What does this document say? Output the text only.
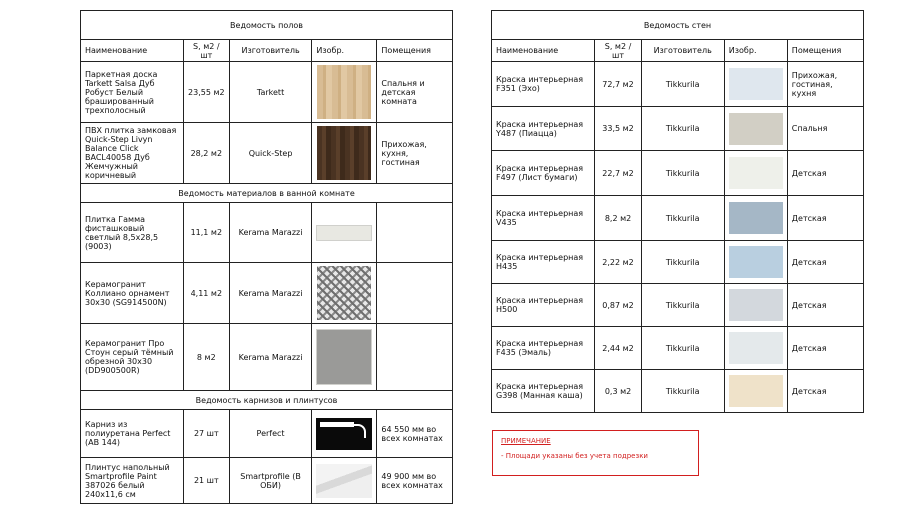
Ведомость полов				
Наименование	S, м2 /шт	Изготовитель	Изобр.	Помещения
Паркетная доска Tarkett Salsa Дуб Робуст Белый брашированный трехполосный	23,55 м2	Tarkett		Спальня и детская комната
ПВХ плитка замковая Quick-Step Livyn Balance Click BACL40058 Дуб Жемчужный коричневый	28,2 м2	Quick-Step		Прихожая, кухня, гостиная
Ведомость материалов в ванной комнате				
Плитка Гамма фисташковый светлый 8,5х28,5 (9003)	11,1 м2	Kerama Marazzi	

Керамогранит Коллиано орнамент 30х30 (SG914500N)	4,11 м2	Kerama Marazzi	

Керамогранит Про Стоун серый тёмный обрезной 30х30 (DD900500R)	8 м2	Kerama Marazzi	

Ведомость карнизов и плинтусов				
Карниз из полиуретана Perfect (AB 144)	27 шт	Perfect		64 550 мм во всех комнатах
Плинтус напольный Smartprofile Paint 387026 белый 240х11,6 см	21 шт	Smartprofile (В ОБИ)		49 900 мм во всех комнатах
Ведомость стен				
Наименование	S, м2 /шт	Изготовитель	Изобр.	Помещения
Краска интерьерная F351 (Эхо)	72,7 м2	Tikkurila		Прихожая, гостиная, кухня
Краска интерьерная Y487 (Пиацца)	33,5 м2	Tikkurila		Спальня
Краска интерьерная F497 (Лист бумаги)	22,7 м2	Tikkurila		Детская
Краска интерьерная V435	8,2 м2	Tikkurila		Детская
Краска интерьерная H435	2,22 м2	Tikkurila		Детская
Краска интерьерная H500	0,87 м2	Tikkurila		Детская
Краска интерьерная F435 (Эмаль)	2,44 м2	Tikkurila		Детская
Краска интерьерная G398 (Манная каша)	0,3 м2	Tikkurila		Детская
ПРИМЕЧАНИЕ
- Площади указаны без учета подрезки
